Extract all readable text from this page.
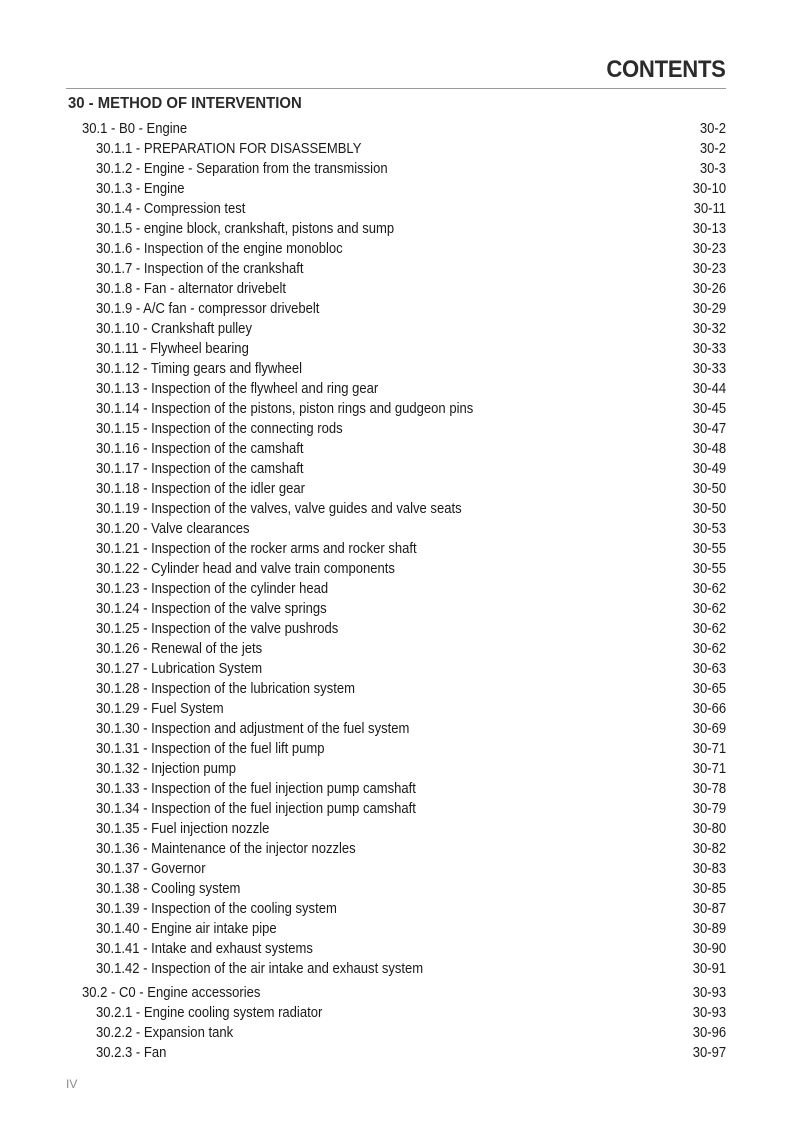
CONTENTS
30 - METHOD OF INTERVENTION
30.1 - B0 - Engine	30-2
30.1.1 - PREPARATION FOR DISASSEMBLY	30-2
30.1.2 - Engine - Separation from the transmission	30-3
30.1.3 - Engine	30-10
30.1.4 - Compression test	30-11
30.1.5 - engine block, crankshaft, pistons and sump	30-13
30.1.6 - Inspection of the engine monobloc	30-23
30.1.7 - Inspection of the crankshaft	30-23
30.1.8 - Fan - alternator drivebelt	30-26
30.1.9 - A/C fan - compressor drivebelt	30-29
30.1.10 - Crankshaft pulley	30-32
30.1.11 - Flywheel bearing	30-33
30.1.12 - Timing gears and flywheel	30-33
30.1.13 - Inspection of the flywheel and ring gear	30-44
30.1.14 - Inspection of the pistons, piston rings and gudgeon pins	30-45
30.1.15 - Inspection of the connecting rods	30-47
30.1.16 - Inspection of the camshaft	30-48
30.1.17 - Inspection of the camshaft	30-49
30.1.18 - Inspection of the idler gear	30-50
30.1.19 - Inspection of the valves, valve guides and valve seats	30-50
30.1.20 - Valve clearances	30-53
30.1.21 - Inspection of the rocker arms and rocker shaft	30-55
30.1.22 - Cylinder head and valve train components	30-55
30.1.23 - Inspection of the cylinder head	30-62
30.1.24 - Inspection of the valve springs	30-62
30.1.25 - Inspection of the valve pushrods	30-62
30.1.26 - Renewal of the jets	30-62
30.1.27 - Lubrication System	30-63
30.1.28 - Inspection of the lubrication system	30-65
30.1.29 - Fuel System	30-66
30.1.30 - Inspection and adjustment of the fuel system	30-69
30.1.31 - Inspection of the fuel lift pump	30-71
30.1.32 - Injection pump	30-71
30.1.33 - Inspection of the fuel injection pump camshaft	30-78
30.1.34 - Inspection of the fuel injection pump camshaft	30-79
30.1.35 - Fuel injection nozzle	30-80
30.1.36 - Maintenance of the injector nozzles	30-82
30.1.37 - Governor	30-83
30.1.38 - Cooling system	30-85
30.1.39 - Inspection of the cooling system	30-87
30.1.40 - Engine air intake pipe	30-89
30.1.41 - Intake and exhaust systems	30-90
30.1.42 - Inspection of the air intake and exhaust system	30-91
30.2 - C0 - Engine accessories	30-93
30.2.1 - Engine cooling system radiator	30-93
30.2.2 - Expansion tank	30-96
30.2.3 - Fan	30-97
IV
